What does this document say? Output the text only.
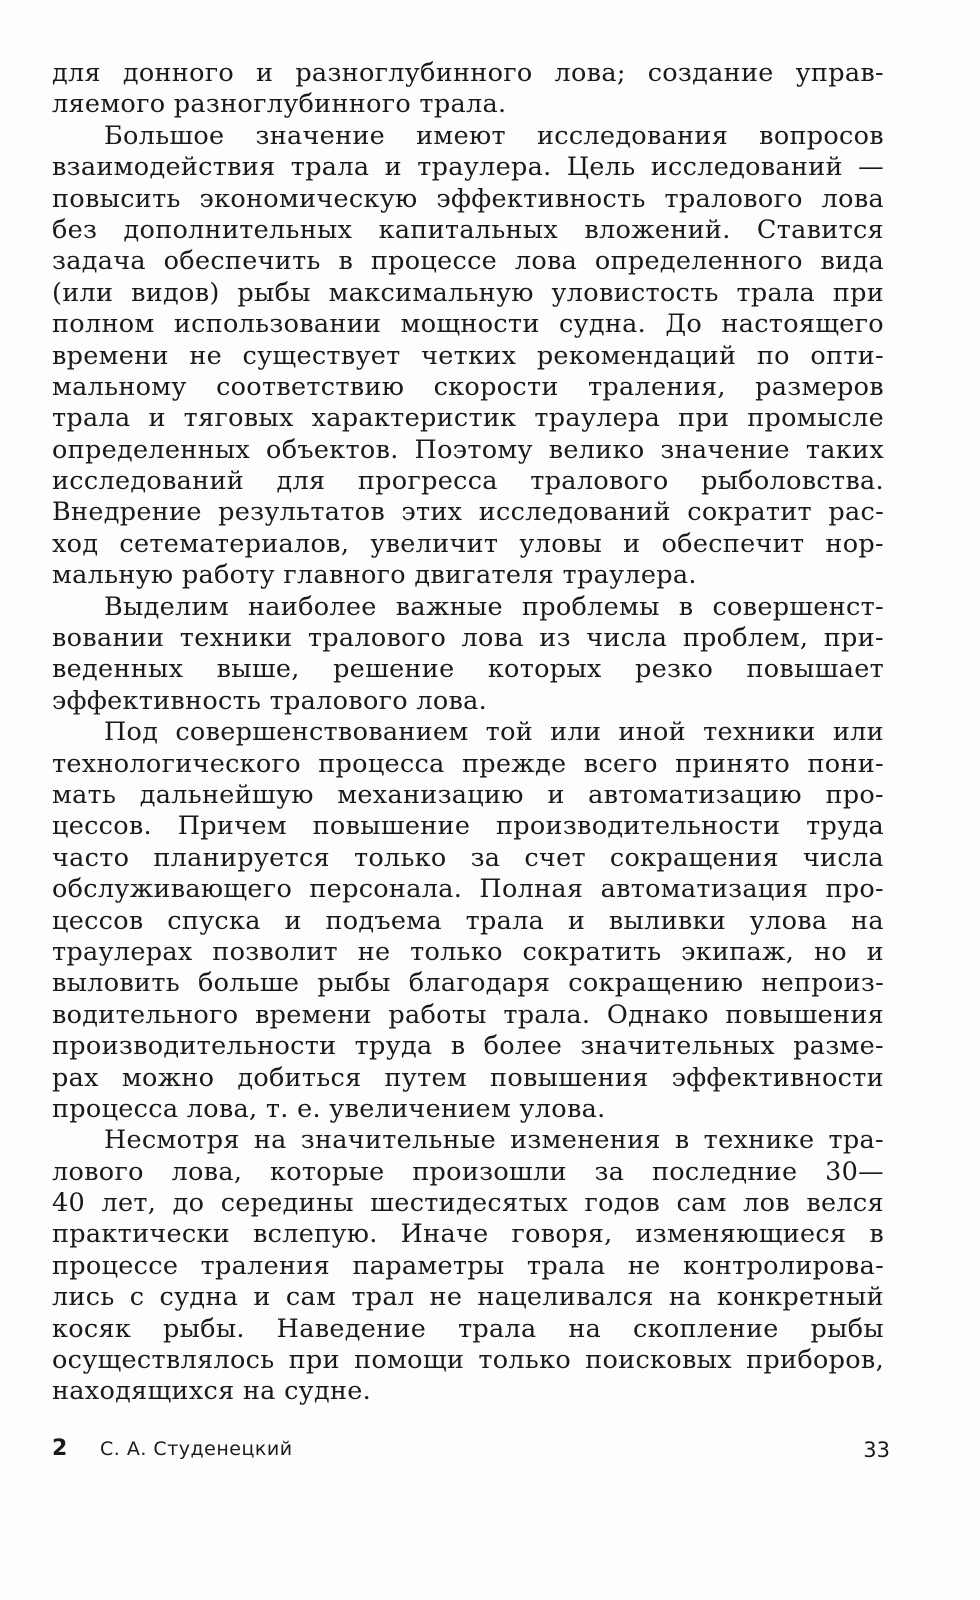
для донного и разноглубинного лова; создание управ-
ляемого разноглубинного трала.
Большое значение имеют исследования вопросов
взаимодействия трала и траулера. Цель исследований —
повысить экономическую эффективность тралового лова
без дополнительных капитальных вложений. Ставится
задача обеспечить в процессе лова определенного вида
(или видов) рыбы максимальную уловистость трала при
полном использовании мощности судна. До настоящего
времени не существует четких рекомендаций по опти-
мальному соответствию скорости траления, размеров
трала и тяговых характеристик траулера при промысле
определенных объектов. Поэтому велико значение таких
исследований для прогресса тралового рыболовства.
Внедрение результатов этих исследований сократит рас-
ход сетематериалов, увеличит уловы и обеспечит нор-
мальную работу главного двигателя траулера.
Выделим наиболее важные проблемы в совершенст-
вовании техники тралового лова из числа проблем, при-
веденных выше, решение которых резко повышает
эффективность тралового лова.
Под совершенствованием той или иной техники или
технологического процесса прежде всего принято пони-
мать дальнейшую механизацию и автоматизацию про-
цессов. Причем повышение производительности труда
часто планируется только за счет сокращения числа
обслуживающего персонала. Полная автоматизация про-
цессов спуска и подъема трала и выливки улова на
траулерах позволит не только сократить экипаж, но и
выловить больше рыбы благодаря сокращению непроиз-
водительного времени работы трала. Однако повышения
производительности труда в более значительных разме-
рах можно добиться путем повышения эффективности
процесса лова, т. е. увеличением улова.
Несмотря на значительные изменения в технике тра-
лового лова, которые произошли за последние 30—
40 лет, до середины шестидесятых годов сам лов велся
практически вслепую. Иначе говоря, изменяющиеся в
процессе траления параметры трала не контролирова-
лись с судна и сам трал не нацеливался на конкретный
косяк рыбы. Наведение трала на скопление рыбы
осуществлялось при помощи только поисковых приборов,
находящихся на судне.
2 С. А. Студенецкий	33
